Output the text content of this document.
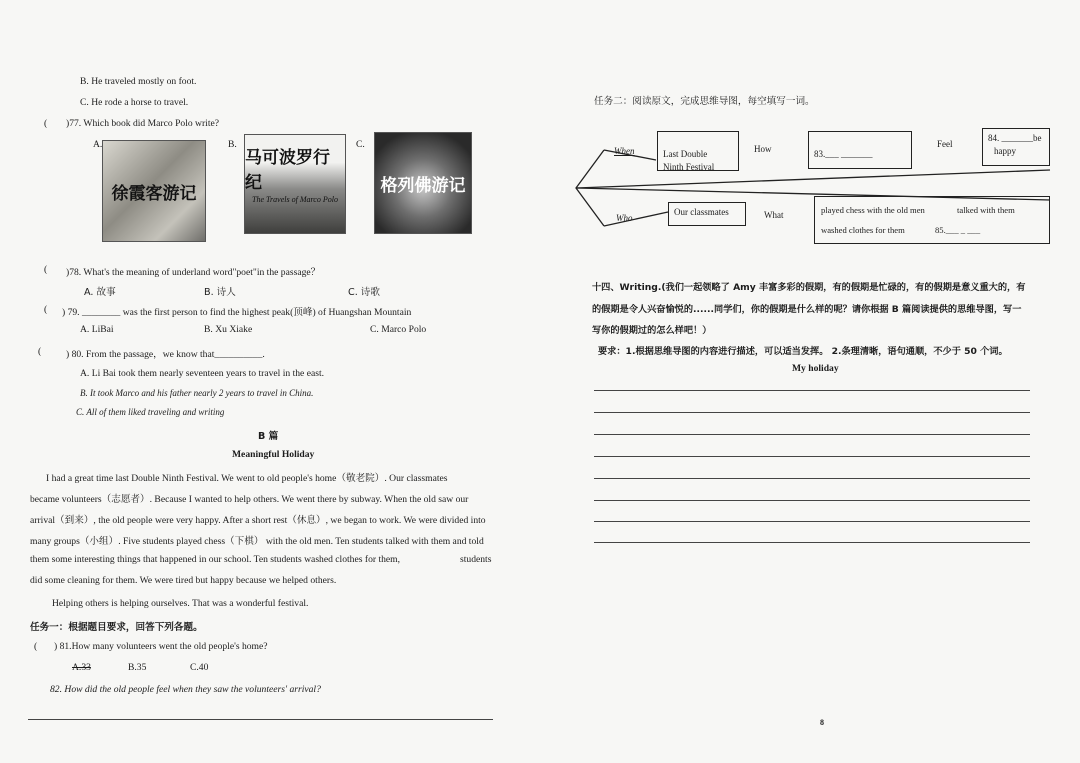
B. He traveled mostly on foot.
C. He rode a horse to travel.
( )77. Which book did Marco Polo write?
A.
徐霞客游记
B.
马可波罗行纪
The Travels of Marco Polo
C.
格列佛游记
( )78. What's the meaning of underland word"poet"in the passage？
A. 故事	B. 诗人	C. 诗歌
( ) 79. ________ was the first person to find the highest peak(顶峰) of Huangshan Mountain
A. LiBai	B. Xu Xiake	C. Marco Polo
(	) 80. From the passage，we know that__________.
A. Li Bai took them nearly seventeen years to travel in the east.
B. It took Marco and his father nearly 2 years to travel in China.
C. All of them liked traveling and writing
B 篇
Meaningful Holiday
I had a great time last Double Ninth Festival. We went to old people's home（敬老院）. Our classmates
became volunteers（志愿者）. Because I wanted to help others. We went there by subway. When the old saw our
arrival（到来）, the old people were very happy. After a short rest（休息）, we began to work. We were divided into
many groups（小组）. Five students played chess（下棋） with the old men. Ten students talked with them and told
them some interesting things that happened in our school. Ten students washed clothes for them,	students
did some cleaning for them. We were tired but happy because we helped others.
Helping others is helping ourselves. That was a wonderful festival.
任务一：根据题目要求，回答下列各题。
( ) 81.How many volunteers went the old people's home?
A.33	B.35	C.40
82. How did the old people feel when they saw the volunteers' arrival?
任务二：阅读原文，完成思维导图，每空填写一词。
When	Last Double
Ninth Festival

How	83.___ _______
Feel
84. _______be
happy
Who
Our classmates	What	played chess with the old men	talked with them
washed clothes for them	85.___ _ ___
十四、Writing.(我们一起领略了 Amy 丰富多彩的假期，有的假期是忙碌的，有的假期是意义重大的，有
的假期是令人兴奋愉悦的......同学们，你的假期是什么样的呢？请你根据 B 篇阅读提供的思维导图，写一
写你的假期过的怎么样吧！）
要求：1.根据思维导图的内容进行描述，可以适当发挥。 2.条理清晰，语句通顺，不少于 50 个词。
My holiday
8
